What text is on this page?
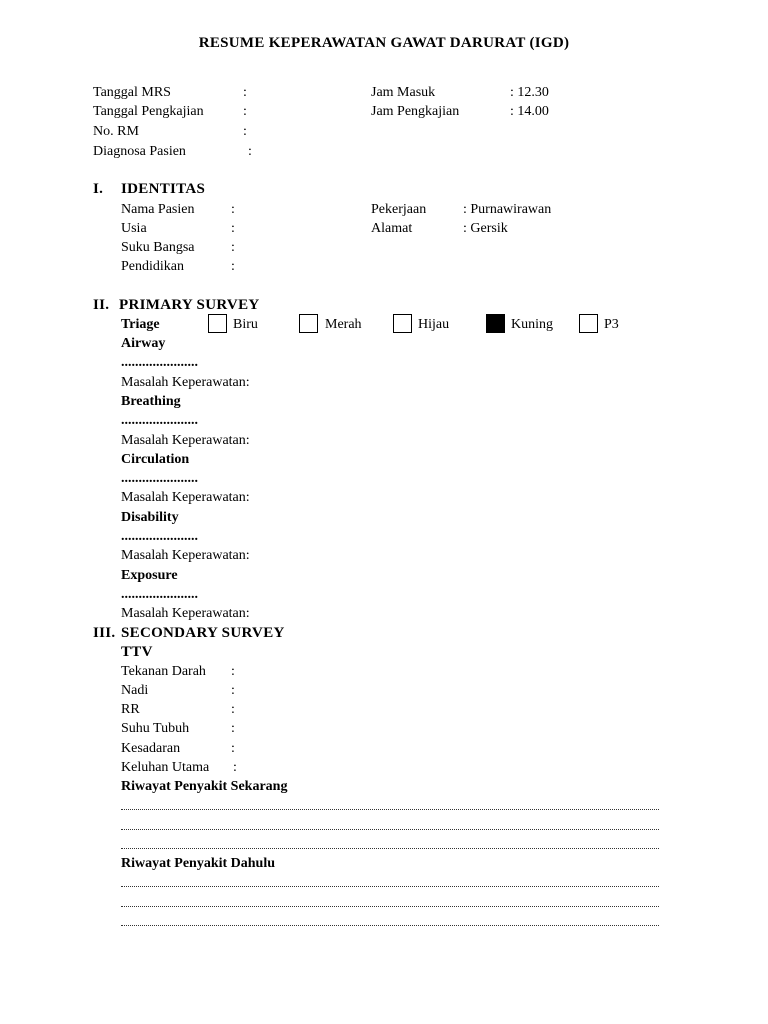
RESUME KEPERAWATAN GAWAT DARURAT (IGD)
Tanggal MRS	:
Tanggal Pengkajian	:
No. RM	:
Diagnosa Pasien	:
Jam Masuk	: 12.30
Jam Pengkajian	: 14.00
I. IDENTITAS
Nama Pasien	:
Usia	:
Suku Bangsa	:
Pendidikan	:
Pekerjaan	: Purnawirawan
Alamat	: Gersik
II. PRIMARY SURVEY
Triage	Biru	Merah	Hijau	Kuning	P3
Airway
......................
Masalah Keperawatan:
Breathing
......................
Masalah Keperawatan:
Circulation
......................
Masalah Keperawatan:
Disability
......................
Masalah Keperawatan:
Exposure
......................
Masalah Keperawatan:
III. SECONDARY SURVEY
TTV
Tekanan Darah :
Nadi	:
RR	:
Suhu Tubuh	:
Kesadaran	:
Keluhan Utama :
Riwayat Penyakit Sekarang
Riwayat Penyakit Dahulu
